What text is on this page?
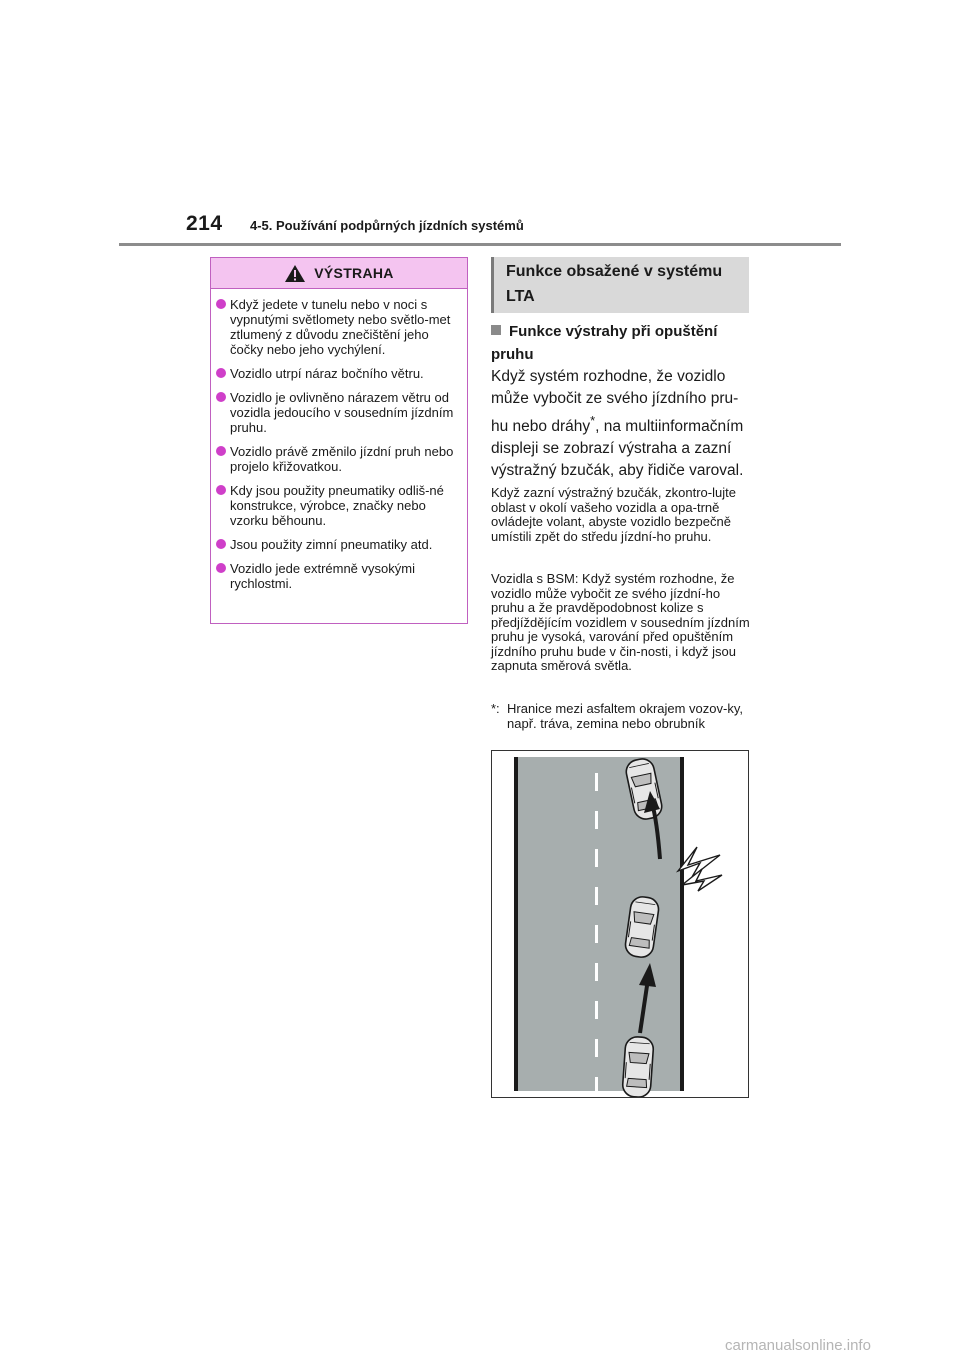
214 4-5. Používání podpůrných jízdních systémů
VÝSTRAHA
Když jedete v tunelu nebo v noci s vypnutými světlomety nebo světlo-met ztlumený z důvodu znečištění jeho čočky nebo jeho vychýlení.
Vozidlo utrpí náraz bočního větru.
Vozidlo je ovlivněno nárazem větru od vozidla jedoucího v sousedním jízdním pruhu.
Vozidlo právě změnilo jízdní pruh nebo projelo křižovatkou.
Kdy jsou použity pneumatiky odliš-né konstrukce, výrobce, značky nebo vzorku běhounu.
Jsou použity zimní pneumatiky atd.
Vozidlo jede extrémně vysokými rychlostmi.
Funkce obsažené v systému LTA
Funkce výstrahy při opuštění pruhu
Když systém rozhodne, že vozidlo může vybočit ze svého jízdního pru-hu nebo dráhy*, na multiinformačním displeji se zobrazí výstraha a zazní výstražný bzučák, aby řidiče varoval.
Když zazní výstražný bzučák, zkontro-lujte oblast v okolí vašeho vozidla a opa-trně ovládejte volant, abyste vozidlo bezpečně umístili zpět do středu jízdní-ho pruhu.
Vozidla s BSM: Když systém rozhodne, že vozidlo může vybočit ze svého jízdní-ho pruhu a že pravděpodobnost kolize s předjíždějícím vozidlem v sousedním jízdním pruhu je vysoká, varování před opuštěním jízdního pruhu bude v čin-nosti, i když jsou zapnuta směrová světla.
*: Hranice mezi asfaltem okrajem vozov-ky, např. tráva, zemina nebo obrubník
carmanualsonline.info
